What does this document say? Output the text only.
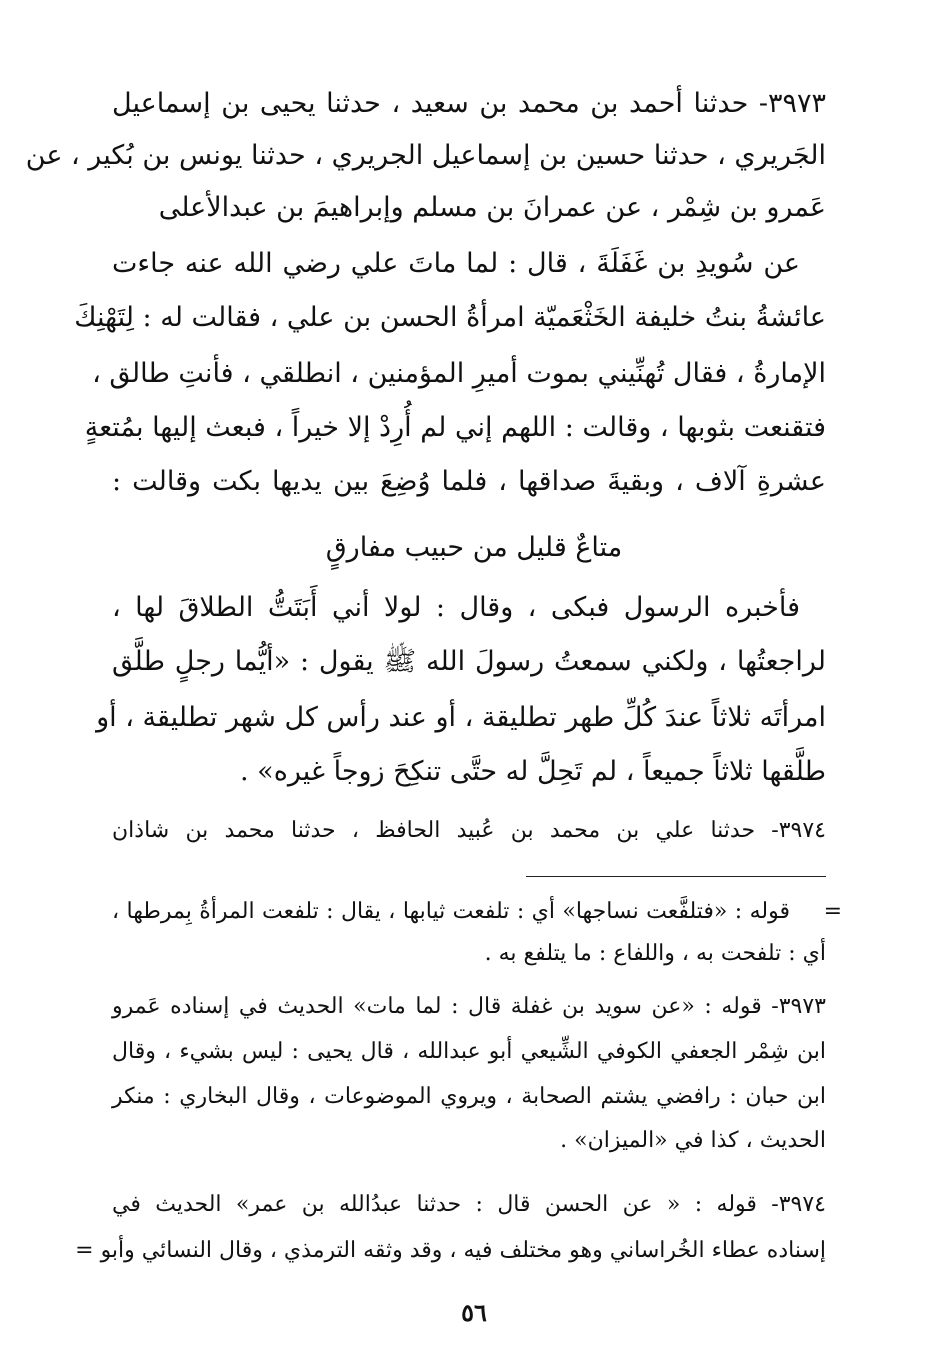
٣٩٧٣- حدثنا أحمد بن محمد بن سعيد ، حدثنا يحيى بن إسماعيل
الجَريري ، حدثنا حسين بن إسماعيل الجريري ، حدثنا يونس بن بُكير ، عن
عَمرو بن شِمْر ، عن عمرانَ بن مسلم وإبراهيمَ بن عبدالأعلى
عن سُويدِ بن غَفَلَةَ ، قال : لما ماتَ علي رضي الله عنه جاءت
عائشةُ بنتُ خليفة الخَثْعَميّة امرأةُ الحسن بن علي ، فقالت له : لِتَهْنِكَ
الإمارةُ ، فقال تُهنِّيني بموت أميرِ المؤمنين ، انطلقي ، فأنتِ طالق ،
فتقنعت بثوبها ، وقالت : اللهم إني لم أُرِدْ إلا خيراً ، فبعث إليها بمُتعةٍ
عشرةِ آلاف ، وبقيةَ صداقها ، فلما وُضِعَ بين يديها بكت وقالت :
متاعٌ قليل من حبيب مفارقٍ
فأخبره الرسول فبكى ، وقال : لولا أني أَبَتَتُّ الطلاقَ لها ،
لراجعتُها ، ولكني سمعتُ رسولَ الله ﷺ يقول : «أيُّما رجلٍ طلَّق
امرأتَه ثلاثاً عندَ كُلِّ طهر تطليقة ، أو عند رأس كل شهر تطليقة ، أو
طلَّقها ثلاثاً جميعاً ، لم تَحِلَّ له حتَّى تنكِحَ زوجاً غيره» .
٣٩٧٤- حدثنا علي بن محمد بن عُبيد الحافظ ، حدثنا محمد بن شاذان
=
قوله : «فتلفَّعت نساجها» أي : تلفعت ثيابها ، يقال : تلفعت المرأةُ بِمرطها ،
أي : تلفحت به ، واللفاع : ما يتلفع به .
٣٩٧٣- قوله : «عن سويد بن غفلة قال : لما مات» الحديث في إسناده عَمرو
ابن شِمْر الجعفي الكوفي الشِّيعي أبو عبدالله ، قال يحيى : ليس بشيء ، وقال
ابن حبان : رافضي يشتم الصحابة ، ويروي الموضوعات ، وقال البخاري : منكر
الحديث ، كذا في «الميزان» .
٣٩٧٤- قوله : « عن الحسن قال : حدثنا عبدُالله بن عمر» الحديث في
إسناده عطاء الخُراساني وهو مختلف فيه ، وقد وثقه الترمذي ، وقال النسائي وأبو =
٥٦
